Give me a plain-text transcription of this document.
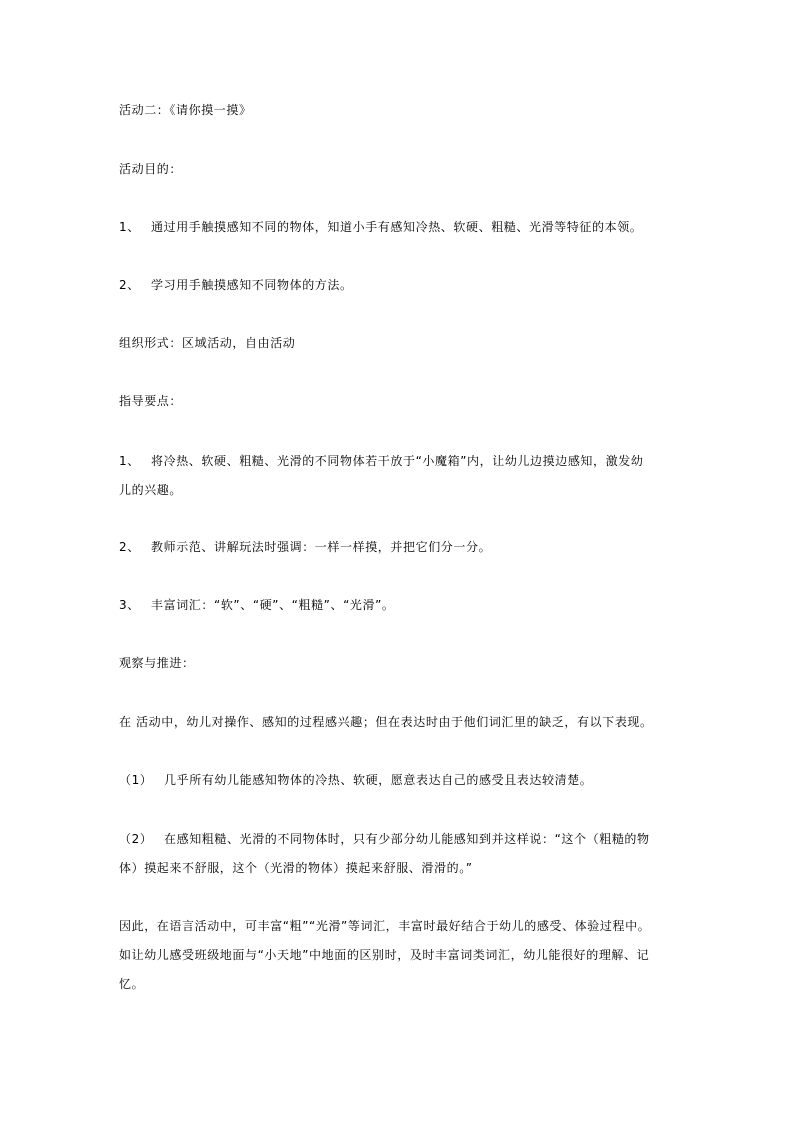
活动二：《请你摸一摸》
活动目的：
1、 通过用手触摸感知不同的物体，知道小手有感知冷热、软硬、粗糙、光滑等特征的本领。
2、 学习用手触摸感知不同物体的方法。
组织形式：区域活动，自由活动
指导要点：
1、 将冷热、软硬、粗糙、光滑的不同物体若干放于“小魔箱”内，让幼儿边摸边感知，激发幼
儿的兴趣。
2、 教师示范、讲解玩法时强调：一样一样摸，并把它们分一分。
3、 丰富词汇：“软”、“硬”、“粗糙”、“光滑”。
观察与推进：
在 活动中，幼儿对操作、感知的过程感兴趣；但在表达时由于他们词汇里的缺乏，有以下表现。
（1） 几乎所有幼儿能感知物体的冷热、软硬，愿意表达自己的感受且表达较清楚。
（2） 在感知粗糙、光滑的不同物体时，只有少部分幼儿能感知到并这样说：“这个（粗糙的物
体）摸起来不舒服，这个（光滑的物体）摸起来舒服、滑滑的。”
因此，在语言活动中，可丰富“粗”“光滑”等词汇，丰富时最好结合于幼儿的感受、体验过程中。
如让幼儿感受班级地面与“小天地”中地面的区别时，及时丰富词类词汇，幼儿能很好的理解、记
忆。
